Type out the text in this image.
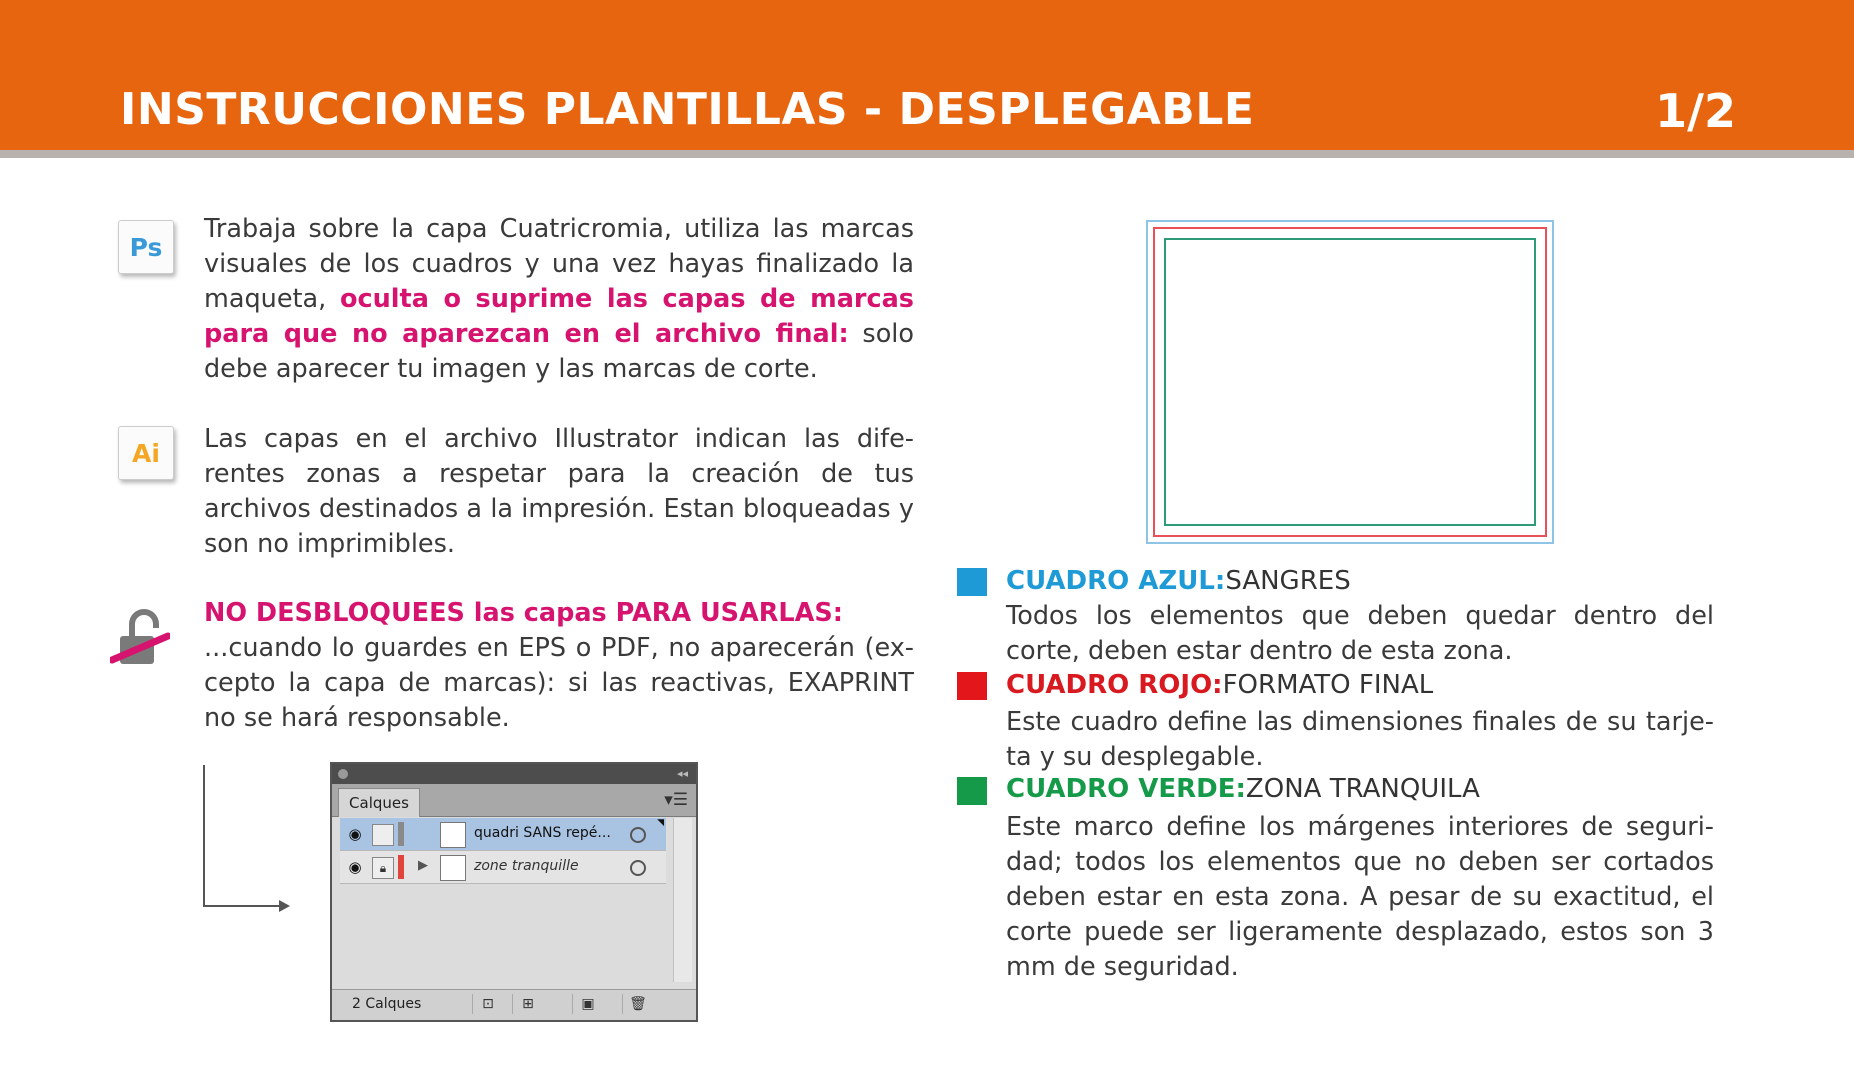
INSTRUCCIONES PLANTILLAS - DESPLEGABLE	1/2
Ps

Trabaja sobre la capa Cuatricromia, utiliza las marcas visuales de los cuadros y una vez hayas finalizado la maqueta, oculta o suprime las capas de marcas para que no aparezcan en el archivo final: solo debe aparecer tu imagen y las marcas de corte.

Ai	Las capas en el archivo Illustrator indican las dife-rentes zonas a respetar para la creación de tus archivos destinados a la impresión. Estan bloqueadas y son no imprimibles.

NO DESBLOQUEES las capas PARA USARLAS:
...cuando lo guardes en EPS o PDF, no aparecerán (ex-cepto la capa de marcas): si las reactivas, EXAPRINT no se hará responsable.

◂◂
Calques	▾☰
◉	quadri SANS repé...
◥
◉	🔒︎	▶	zone tranquille
2 Calques	⊡	⊞	▣	🗑︎
CUADRO AZUL:SANGRES

Todos los elementos que deben quedar dentro del corte, deben estar dentro de esta zona.

CUADRO ROJO:FORMATO FINAL

Este cuadro define las dimensiones finales de su tarje-ta y su desplegable.

CUADRO VERDE:ZONA TRANQUILA

Este marco define los márgenes interiores de seguri-dad; todos los elementos que no deben ser cortados deben estar en esta zona. A pesar de su exactitud, el corte puede ser ligeramente desplazado, estos son 3 mm de seguridad.
